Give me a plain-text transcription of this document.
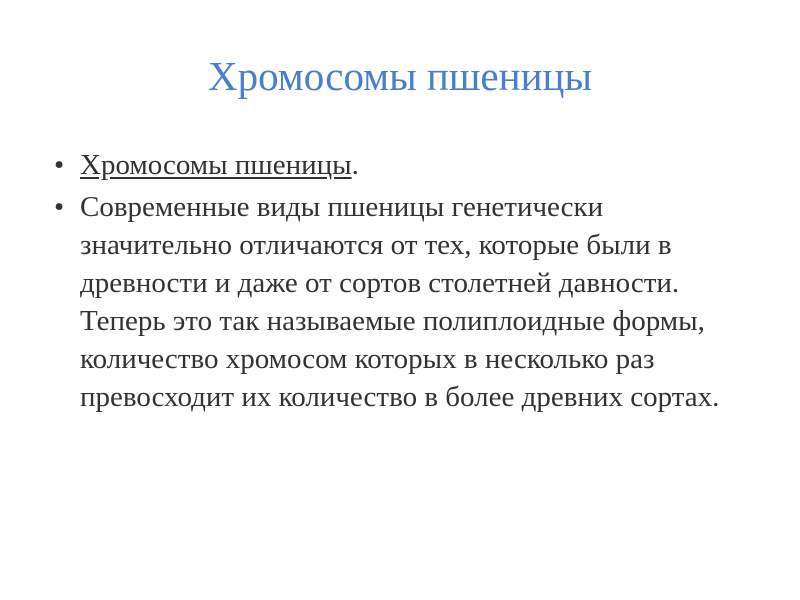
Хромосомы пшеницы
• Хромосомы пшеницы.
• Современные виды пшеницы генетически значительно отличаются от тех, которые были в древности и даже от сортов столетней давности. Теперь это так называемые полиплоидные формы, количество хромосом которых в несколько раз превосходит их количество в более древних сортах.
